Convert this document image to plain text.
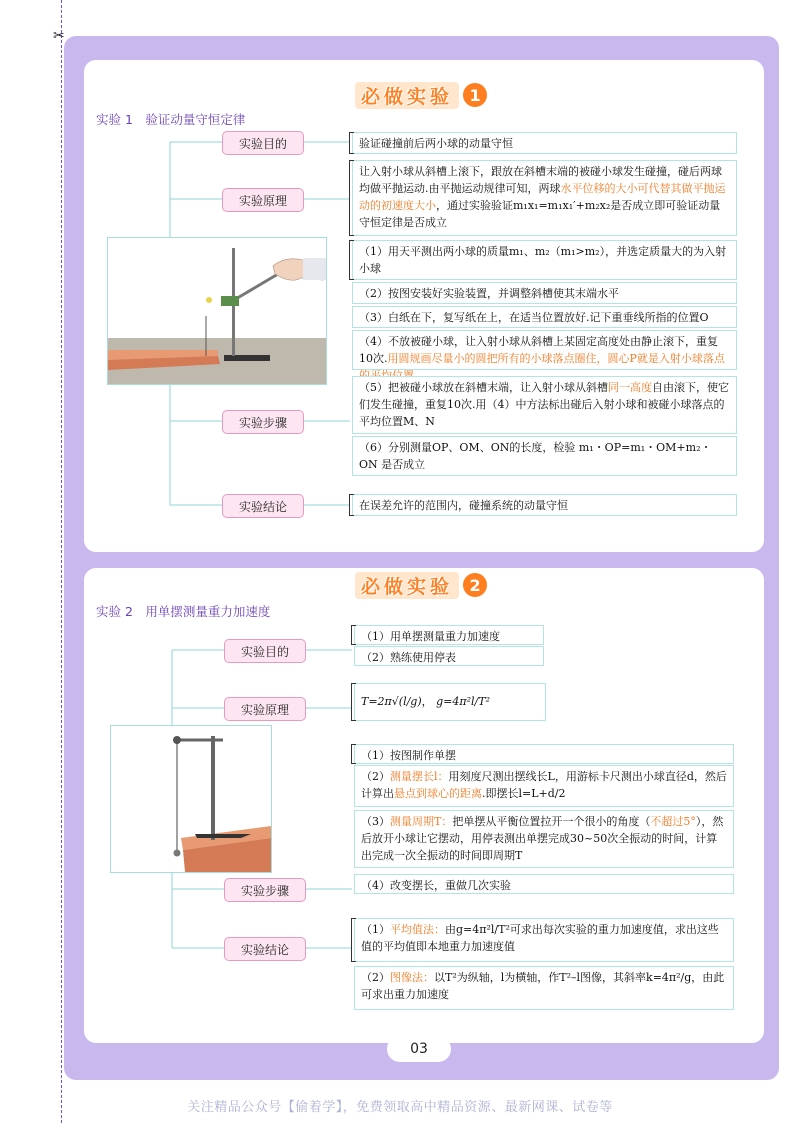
✂
必做实验	1
实验 1　验证动量守恒定律
实验目的
实验原理
实验步骤
实验结论
验证碰撞前后两小球的动量守恒
让入射小球从斜槽上滚下，跟放在斜槽末端的被碰小球发生碰撞，碰后两球均做平抛运动.由平抛运动规律可知，两球水平位移的大小可代替其做平抛运动的初速度大小，通过实验验证m₁x₁=m₁x₁′+m₂x₂是否成立即可验证动量守恒定律是否成立
（1）用天平测出两小球的质量m₁、m₂（m₁>m₂），并选定质量大的为入射小球
（2）按图安装好实验装置，并调整斜槽使其末端水平
（3）白纸在下，复写纸在上，在适当位置放好.记下重垂线所指的位置O
（4）不放被碰小球，让入射小球从斜槽上某固定高度处由静止滚下，重复10次.用圆规画尽量小的圆把所有的小球落点圈住，圆心P就是入射小球落点
（5）把被碰小球放在斜槽末端，让入射小球从斜槽同一高度自由滚下，使它们发生碰撞，重复10次.用（4）中方法标出碰后入射小球和被碰小球落点的平均位置M、N
（6）分别测量OP、OM、ON的长度，检验 m₁・OP=m₁・OM+m₂・ON 是否成立
在误差允许的范围内，碰撞系统的动量守恒
必做实验	2
实验 2　用单摆测量重力加速度
实验目的
实验原理
实验步骤
实验结论
（1）用单摆测量重力加速度
（2）熟练使用停表
T=2π√(l/g)， g=4π²l/T²
（1）按图制作单摆
（2）测量摆长l：用刻度尺测出摆线长L，用游标卡尺测出小球直径d，然后计算出悬点到球心的距离.即摆长l=L+d/2
（3）测量周期T：把单摆从平衡位置拉开一个很小的角度（不超过5°），然后放开小球让它摆动，用停表测出单摆完成30~50次全振动的时间，计算出完成一次全振动的时间即周期T
（4）改变摆长，重做几次实验
（1）平均值法：由g=4π²l/T²可求出每次实验的重力加速度值，求出这些值的平均值即本地重力加速度值
（2）图像法：以T²为纵轴，l为横轴，作T²–l图像，其斜率k=4π²/g，由此可求出重力加速度
03
关注精品公众号【偷着学】，免费领取高中精品资源、最新网课、试卷等
